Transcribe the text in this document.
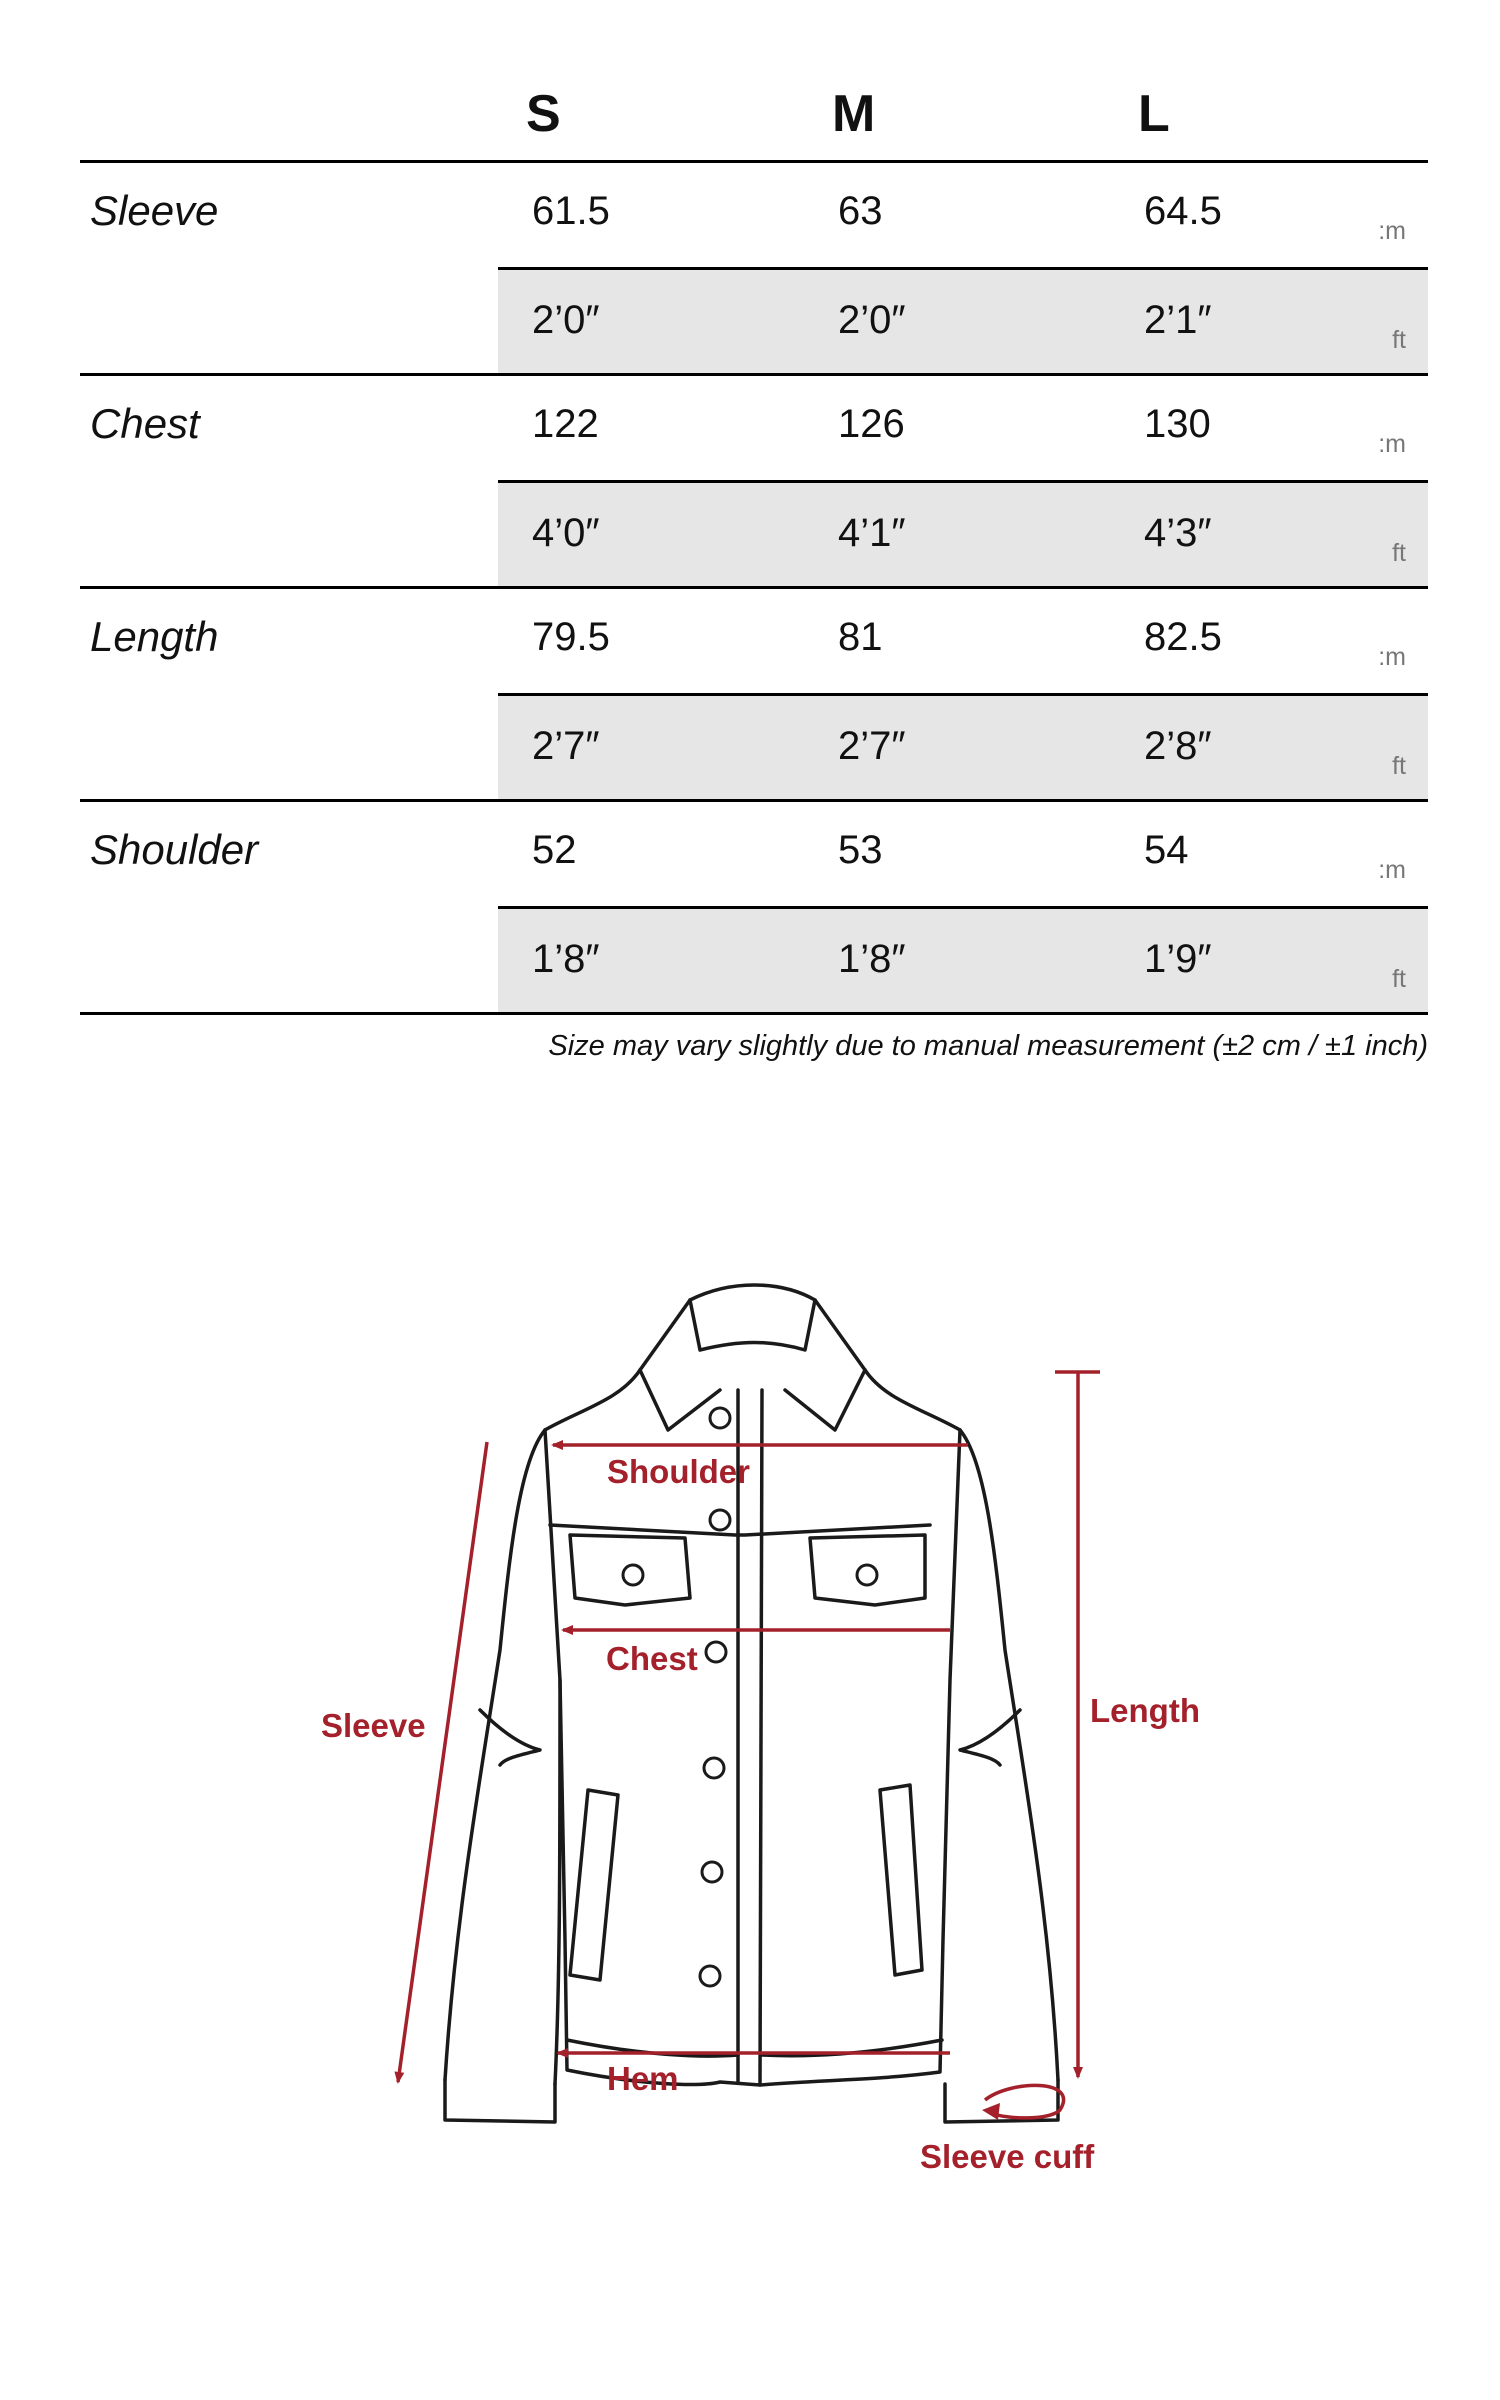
S	M	L
Sleeve	61.5	63	64.5	:m
2’0″	2’0″	2’1″	ft
Chest	122	126	130	:m
4’0″	4’1″	4’3″	ft
Length	79.5	81	82.5	:m
2’7″	2’7″	2’8″	ft
Shoulder	52	53	54	:m
1’8″	1’8″	1’9″	ft
Size may vary slightly due to manual measurement (±2 cm / ±1 inch)
Shoulder
Chest
Hem
Sleeve	Length
Sleeve cuff
